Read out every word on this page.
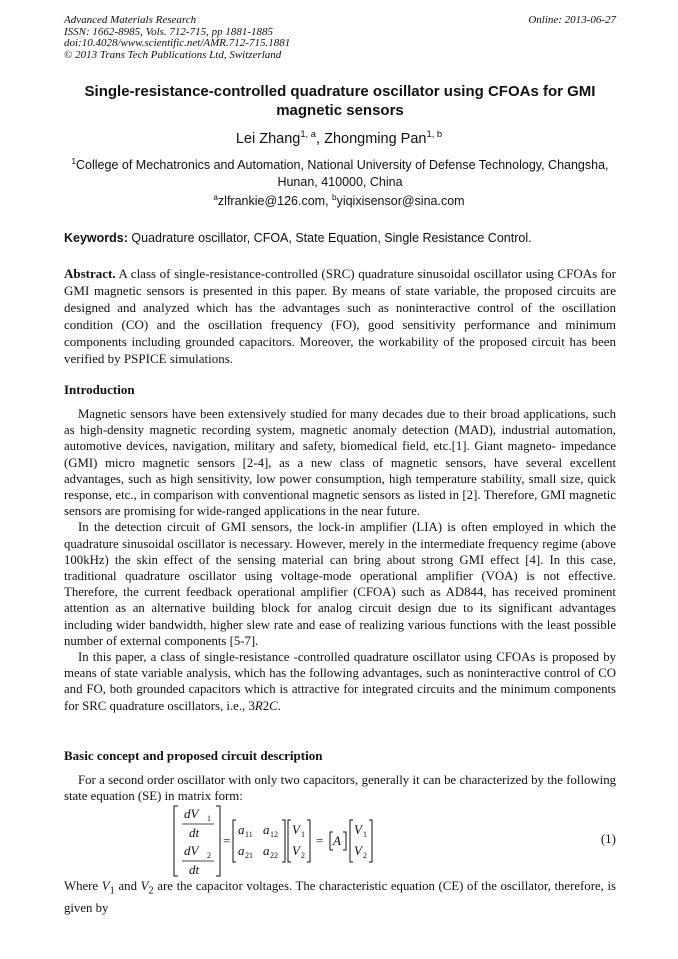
Advanced Materials Research
ISSN: 1662-8985, Vols. 712-715, pp 1881-1885
doi:10.4028/www.scientific.net/AMR.712-715.1881
© 2013 Trans Tech Publications Ltd, Switzerland
Online: 2013-06-27
Single-resistance-controlled quadrature oscillator using CFOAs for GMI magnetic sensors
Lei Zhang$^{1, a}$, Zhongming Pan$^{1, b}$
$^1$College of Mechatronics and Automation, National University of Defense Technology, Changsha, Hunan, 410000, China
$^a$zlfrankie@126.com, $^b$yiqixisensor@sina.com
Keywords: Quadrature oscillator, CFOA, State Equation, Single Resistance Control.
Abstract. A class of single-resistance-controlled (SRC) quadrature sinusoidal oscillator using CFOAs for GMI magnetic sensors is presented in this paper. By means of state variable, the proposed circuits are designed and analyzed which has the advantages such as noninteractive control of the oscillation condition (CO) and the oscillation frequency (FO), good sensitivity performance and minimum components including grounded capacitors. Moreover, the workability of the proposed circuit has been verified by PSPICE simulations.
Introduction

Magnetic sensors have been extensively studied for many decades due to their broad applications, such as high-density magnetic recording system, magnetic anomaly detection (MAD), industrial automation, automotive devices, navigation, military and safety, biomedical field, etc.[1]. Giant magneto- impedance (GMI) micro magnetic sensors [2-4], as a new class of magnetic sensors, have several excellent advantages, such as high sensitivity, low power consumption, high temperature stability, small size, quick response, etc., in comparison with conventional magnetic sensors as listed in [2]. Therefore, GMI magnetic sensors are promising for wide-ranged applications in the near future.

In the detection circuit of GMI sensors, the lock-in amplifier (LIA) is often employed in which the quadrature sinusoidal oscillator is necessary. However, merely in the intermediate frequency regime (above 100kHz) the skin effect of the sensing material can bring about strong GMI effect [4]. In this case, traditional quadrature oscillator using voltage-mode operational amplifier (VOA) is not effective. Therefore, the current feedback operational amplifier (CFOA) such as AD844, has received prominent attention as an alternative building block for analog circuit design due to its significant advantages including wider bandwidth, higher slew rate and ease of realizing various functions with the least possible number of external components [5-7].

In this paper, a class of single-resistance -controlled quadrature oscillator using CFOAs is proposed by means of state variable analysis, which has the following advantages, such as noninteractive control of CO and FO, both grounded capacitors which is attractive for integrated circuits and the minimum components for SRC quadrature oscillators, i.e., 3R2C.

Basic concept and proposed circuit description

For a second order oscillator with only two capacitors, generally it can be characterized by the following state equation (SE) in matrix form:

dV 1
dt
dV 2
dt
=
a 11 a 12
a 21 a 22
V 1
V 2
= A
V 1
V 2
(1)
Where $V_1$ and $V_2$ are the capacitor voltages. The characteristic equation (CE) of the oscillator, therefore, is given by
